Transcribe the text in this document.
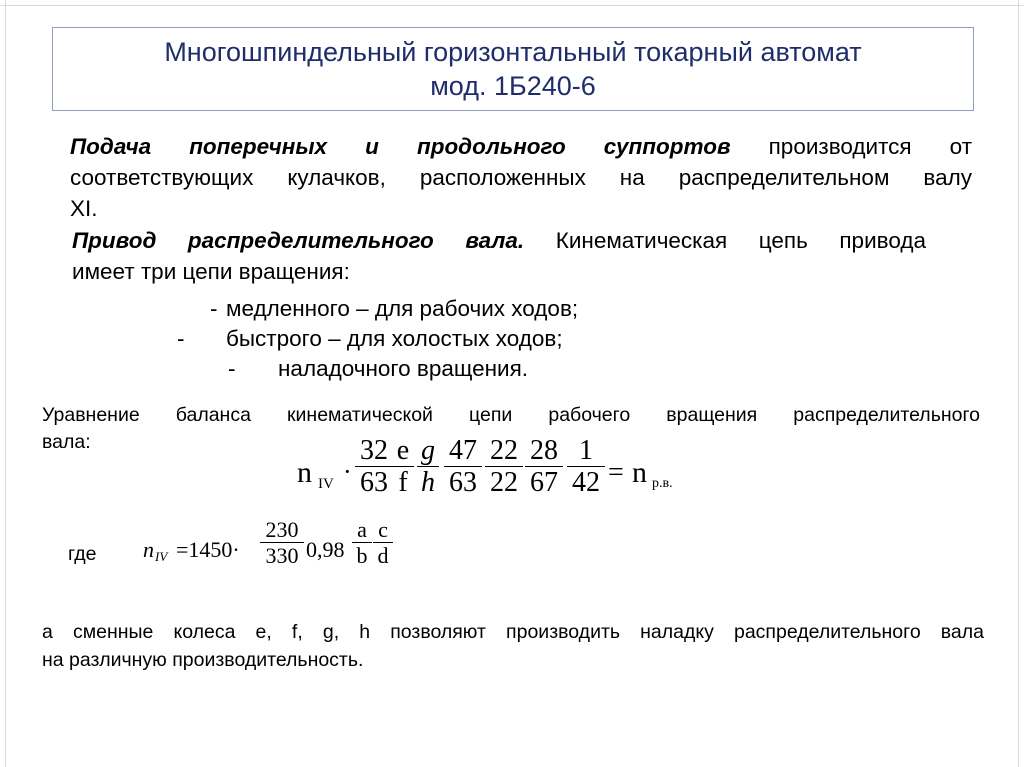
Многошпиндельный горизонтальный токарный автомат
мод. 1Б240-6
Подача поперечных и продольного суппортов производится от
соответствующих кулачков, расположенных на распределительном валу
XI.
Привод распределительного вала. Кинематическая цепь привода
имеет три цепи вращения:
- медленного – для рабочих ходов;
- быстрого – для холостых ходов;
- наладочного вращения.
Уравнение баланса кинематической цепи рабочего вращения распределительного
вала:
n IV ·
32
63
e
f
g
h
47
63
22
22
28
67
1
42 = n р.в.
где n IV =1450·
230
330 0,98
a
b
c
d
а сменные колеса e, f, g, h позволяют производить наладку распределительного вала
на различную производительность.
